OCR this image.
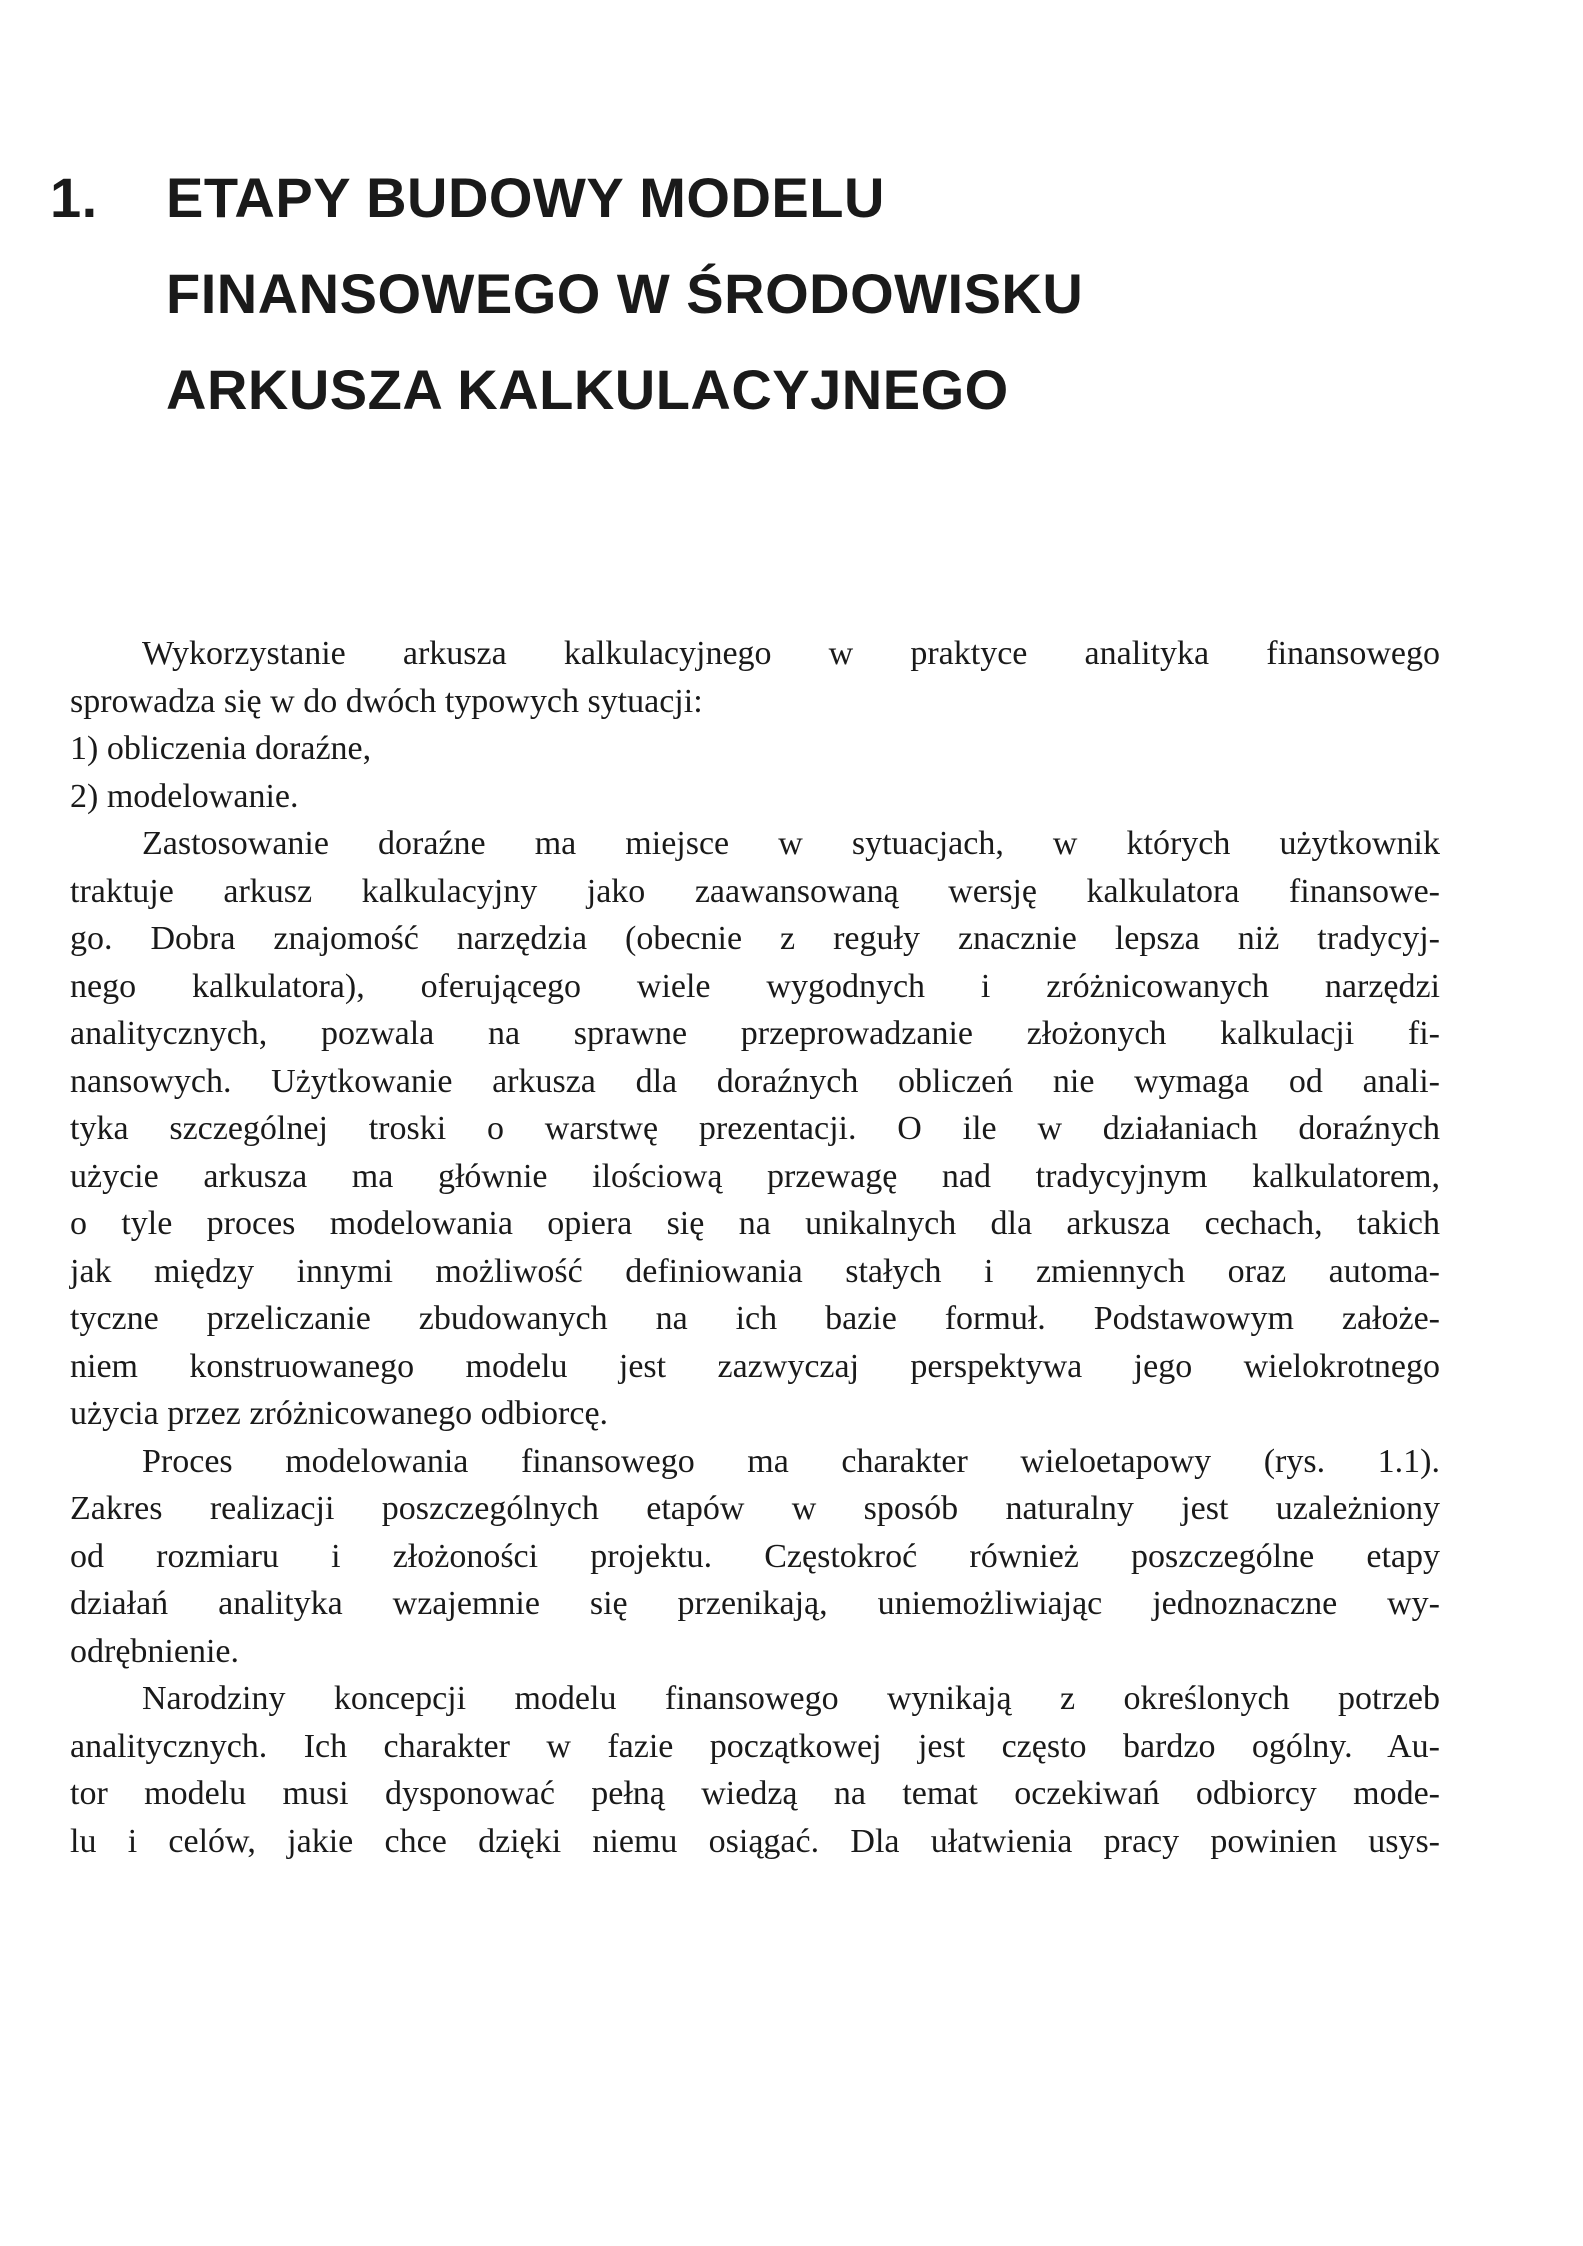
1. ETAPY BUDOWY MODELU
FINANSOWEGO W ŚRODOWISKU
ARKUSZA KALKULACYJNEGO
Wykorzystanie arkusza kalkulacyjnego w praktyce analityka finansowego
sprowadza się w do dwóch typowych sytuacji:
1) obliczenia doraźne,
2) modelowanie.
Zastosowanie doraźne ma miejsce w sytuacjach, w których użytkownik
traktuje arkusz kalkulacyjny jako zaawansowaną wersję kalkulatora finansowe-
go. Dobra znajomość narzędzia (obecnie z reguły znacznie lepsza niż tradycyj-
nego kalkulatora), oferującego wiele wygodnych i zróżnicowanych narzędzi
analitycznych, pozwala na sprawne przeprowadzanie złożonych kalkulacji fi-
nansowych. Użytkowanie arkusza dla doraźnych obliczeń nie wymaga od anali-
tyka szczególnej troski o warstwę prezentacji. O ile w działaniach doraźnych
użycie arkusza ma głównie ilościową przewagę nad tradycyjnym kalkulatorem,
o tyle proces modelowania opiera się na unikalnych dla arkusza cechach, takich
jak między innymi możliwość definiowania stałych i zmiennych oraz automa-
tyczne przeliczanie zbudowanych na ich bazie formuł. Podstawowym założe-
niem konstruowanego modelu jest zazwyczaj perspektywa jego wielokrotnego
użycia przez zróżnicowanego odbiorcę.
Proces modelowania finansowego ma charakter wieloetapowy (rys. 1.1).
Zakres realizacji poszczególnych etapów w sposób naturalny jest uzależniony
od rozmiaru i złożoności projektu. Częstokroć również poszczególne etapy
działań analityka wzajemnie się przenikają, uniemożliwiając jednoznaczne wy-
odrębnienie.
Narodziny koncepcji modelu finansowego wynikają z określonych potrzeb
analitycznych. Ich charakter w fazie początkowej jest często bardzo ogólny. Au-
tor modelu musi dysponować pełną wiedzą na temat oczekiwań odbiorcy mode-
lu i celów, jakie chce dzięki niemu osiągać. Dla ułatwienia pracy powinien usys-
